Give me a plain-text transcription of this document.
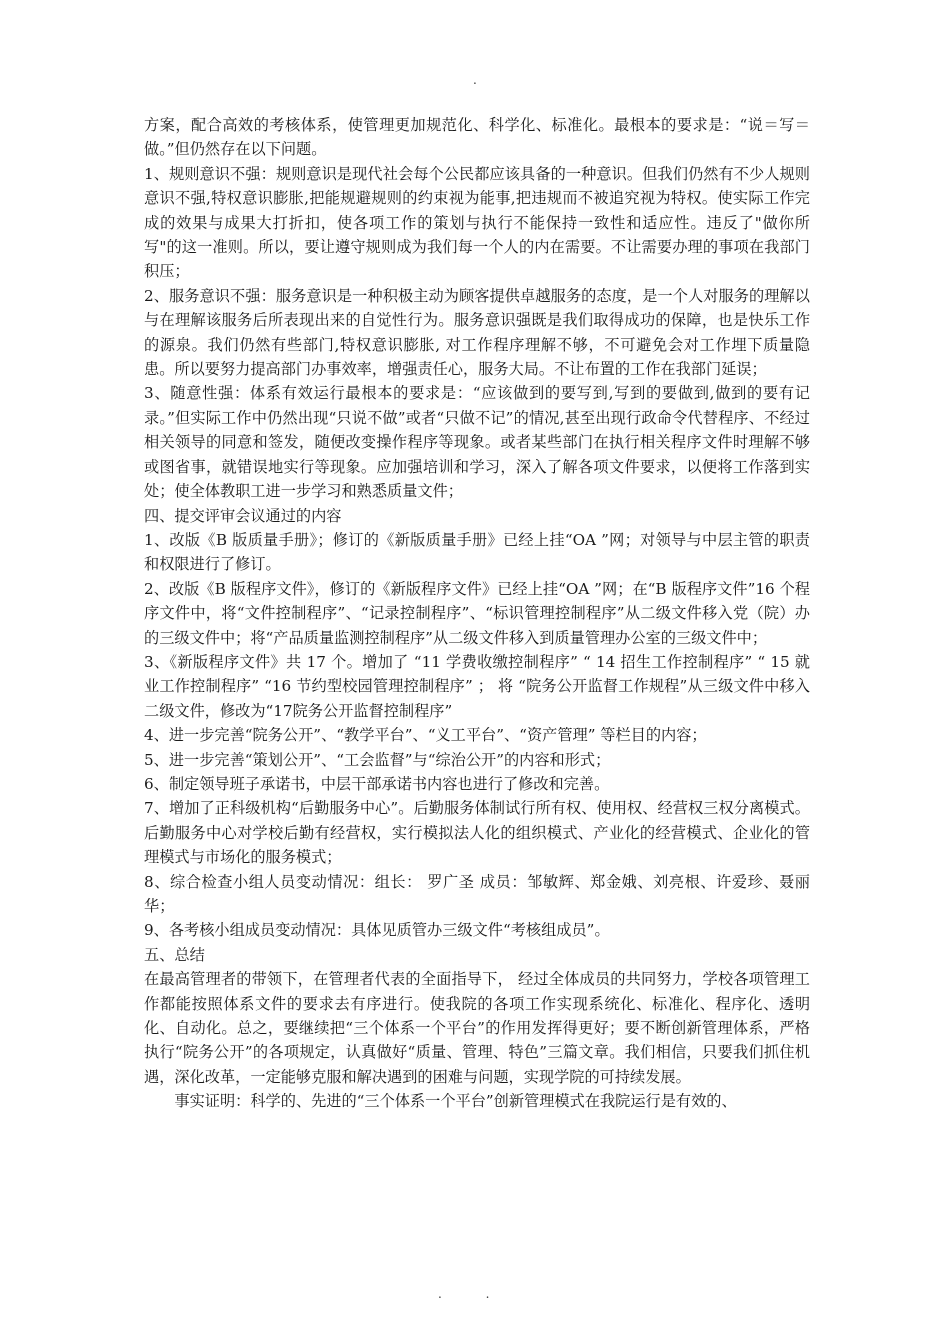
.

方案，配合高效的考核体系，使管理更加规范化、科学化、标准化。最根本的要求是：“说＝写＝做。”但仍然存在以下问题。

1、规则意识不强：规则意识是现代社会每个公民都应该具备的一种意识。但我们仍然有不少人规则意识不强,特权意识膨胀,把能规避规则的约束视为能事,把违规而不被追究视为特权。使实际工作完成的效果与成果大打折扣，使各项工作的策划与执行不能保持一致性和适应性。违反了"做你所写"的这一准则。所以，要让遵守规则成为我们每一个人的内在需要。不让需要办理的事项在我部门积压；

2、服务意识不强：服务意识是一种积极主动为顾客提供卓越服务的态度，是一个人对服务的理解以与在理解该服务后所表现出来的自觉性行为。服务意识强既是我们取得成功的保障，也是快乐工作的源泉。我们仍然有些部门,特权意识膨胀, 对工作程序理解不够，不可避免会对工作埋下质量隐患。所以要努力提高部门办事效率，增强责任心，服务大局。不让布置的工作在我部门延误；

3、随意性强：体系有效运行最根本的要求是：“应该做到的要写到,写到的要做到,做到的要有记录。”但实际工作中仍然出现“只说不做”或者“只做不记”的情况,甚至出现行政命令代替程序、不经过相关领导的同意和签发，随便改变操作程序等现象。或者某些部门在执行相关程序文件时理解不够或图省事，就错误地实行等现象。应加强培训和学习，深入了解各项文件要求，以便将工作落到实处；使全体教职工进一步学习和熟悉质量文件；

四、提交评审会议通过的内容

1、改版《B 版质量手册》；修订的《新版质量手册》已经上挂“OA ”网；对领导与中层主管的职责和权限进行了修订。

2、改版《B 版程序文件》，修订的《新版程序文件》已经上挂“OA ”网；在“B 版程序文件”16 个程序文件中，将“文件控制程序”、“记录控制程序”、“标识管理控制程序”从二级文件移入党（院）办的三级文件中；将“产品质量监测控制程序”从二级文件移入到质量管理办公室的三级文件中；

3、《新版程序文件》共 17 个。增加了 “11 学费收缴控制程序” “ 14 招生工作控制程序” “ 15 就业工作控制程序” “16 节约型校园管理控制程序” ； 将 “院务公开监督工作规程”从三级文件中移入二级文件，修改为“17院务公开监督控制程序”

4、进一步完善“院务公开”、“教学平台”、“义工平台”、“资产管理” 等栏目的内容；

5、进一步完善“策划公开”、“工会监督”与“综治公开”的内容和形式；

6、制定领导班子承诺书，中层干部承诺书内容也进行了修改和完善。

7、增加了正科级机构“后勤服务中心”。后勤服务体制试行所有权、使用权、经营权三权分离模式。后勤服务中心对学校后勤有经营权，实行模拟法人化的组织模式、产业化的经营模式、企业化的管理模式与市场化的服务模式；

8、综合检查小组人员变动情况：组长： 罗广圣 成员：邹敏辉、郑金娥、刘亮根、许爱珍、聂丽华；

9、各考核小组成员变动情况：具体见质管办三级文件“考核组成员”。

五、总结

在最高管理者的带领下，在管理者代表的全面指导下， 经过全体成员的共同努力，学校各项管理工作都能按照体系文件的要求去有序进行。使我院的各项工作实现系统化、标准化、程序化、透明化、自动化。总之，要继续把“三个体系一个平台”的作用发挥得更好；要不断创新管理体系，严格执行“院务公开”的各项规定，认真做好“质量、管理、特色”三篇文章。我们相信，只要我们抓住机遇，深化改革，一定能够克服和解决遇到的困难与问题，实现学院的可持续发展。

事实证明：科学的、先进的“三个体系一个平台”创新管理模式在我院运行是有效的、

. .
